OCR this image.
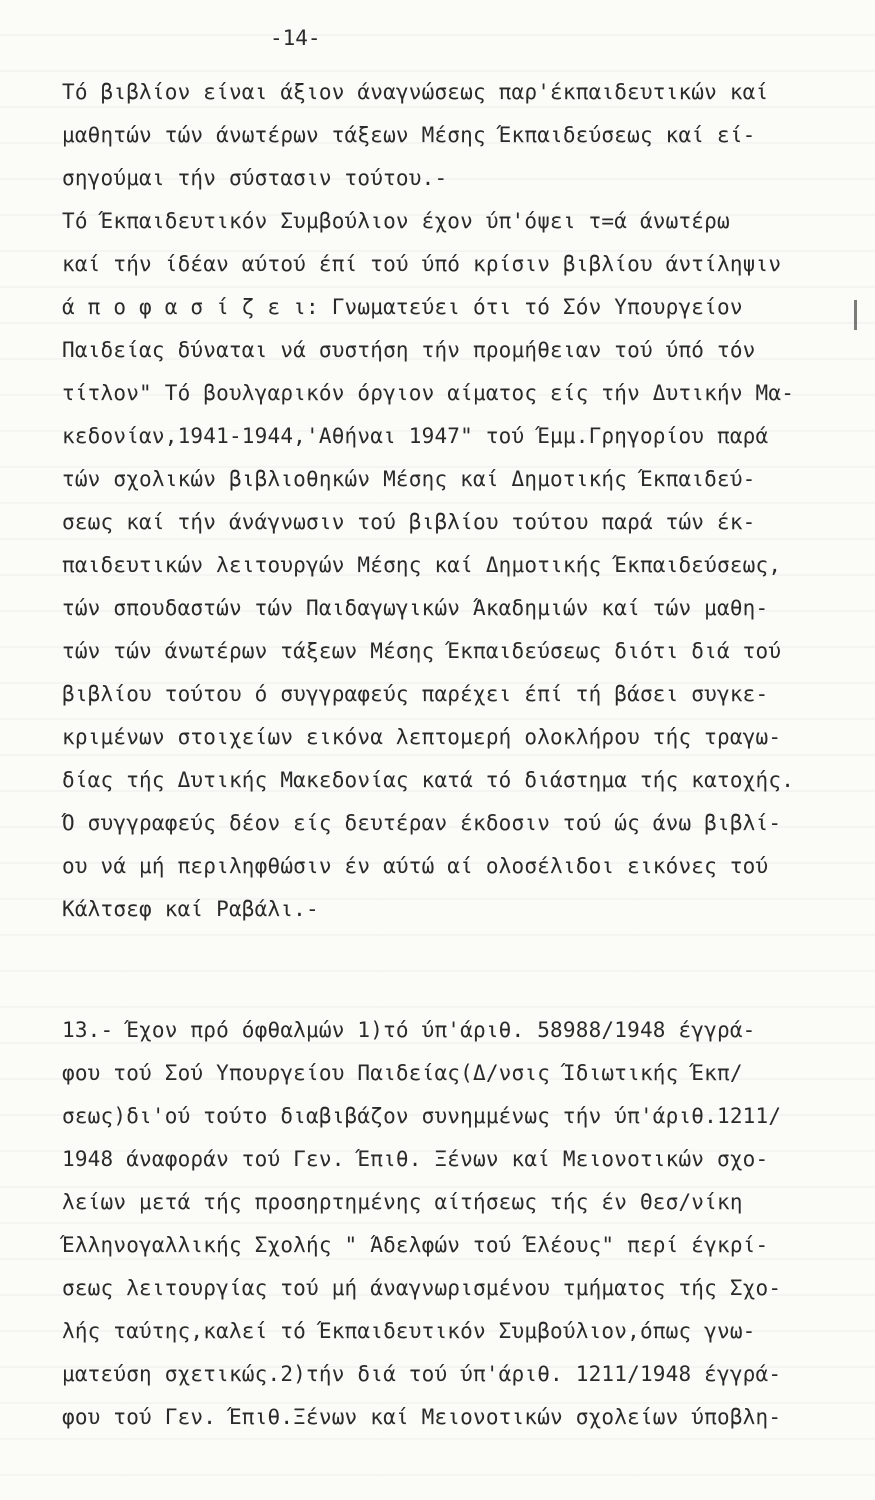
-14-
Τό βιβλίον είναι άξιον άναγνώσεως παρ'έκπαιδευτικών καί
μαθητών τών άνωτέρων τάξεων Μέσης Έκπαιδεύσεως καί εί-
σηγούμαι τήν σύστασιν τούτου.-
Τό Έκπαιδευτικόν Συμβούλιον έχον ύπ'όψει τ=ά άνωτέρω
καί τήν ίδέαν αύτού έπί τού ύπό κρίσιν βιβλίου άντίληψιν
ά π ο φ α σ ί ζ ε ι: Γνωματεύει ότι τό Σόν Υπουργείον
Παιδείας δύναται νά συστήση τήν προμήθειαν τού ύπό τόν
τίτλον" Τό βουλγαρικόν όργιον αίματος είς τήν Δυτικήν Μα-
κεδονίαν,1941-1944,'Αθήναι 1947" τού Έμμ.Γρηγορίου παρά
τών σχολικών βιβλιοθηκών Μέσης καί Δημοτικής Έκπαιδεύ-
σεως καί τήν άνάγνωσιν τού βιβλίου τούτου παρά τών έκ-
παιδευτικών λειτουργών Μέσης καί Δημοτικής Έκπαιδεύσεως,
τών σπουδαστών τών Παιδαγωγικών Άκαδημιών καί τών μαθη-
τών τών άνωτέρων τάξεων Μέσης Έκπαιδεύσεως διότι διά τού
βιβλίου τούτου ό συγγραφεύς παρέχει έπί τή βάσει συγκε-
κριμένων στοιχείων εικόνα λεπτομερή ολοκλήρου τής τραγω-
δίας τής Δυτικής Μακεδονίας κατά τό διάστημα τής κατοχής.
Ό συγγραφεύς δέον είς δευτέραν έκδοσιν τού ώς άνω βιβλί-
ου νά μή περιληφθώσιν έν αύτώ αί ολοσέλιδοι εικόνες τού
Κάλτσεφ καί Ραβάλι.-
13.- Έχον πρό όφθαλμών 1)τό ύπ'άριθ. 58988/1948 έγγρά-
φου τού Σού Υπουργείου Παιδείας(Δ/νσις Ίδιωτικής Έκπ/
σεως)δι'ού τούτο διαβιβάζον συνημμένως τήν ύπ'άριθ.1211/
1948 άναφοράν τού Γεν. Έπιθ. Ξένων καί Μειονοτικών σχο-
λείων μετά τής προσηρτημένης αίτήσεως τής έν Θεσ/νίκη
Έλληνογαλλικής Σχολής " Άδελφών τού Έλέους" περί έγκρί-
σεως λειτουργίας τού μή άναγνωρισμένου τμήματος τής Σχο-
λής ταύτης,καλεί τό Έκπαιδευτικόν Συμβούλιον,όπως γνω-
ματεύση σχετικώς.2)τήν διά τού ύπ'άριθ. 1211/1948 έγγρά-
φου τού Γεν. Έπιθ.Ξένων καί Μειονοτικών σχολείων ύποβλη-
